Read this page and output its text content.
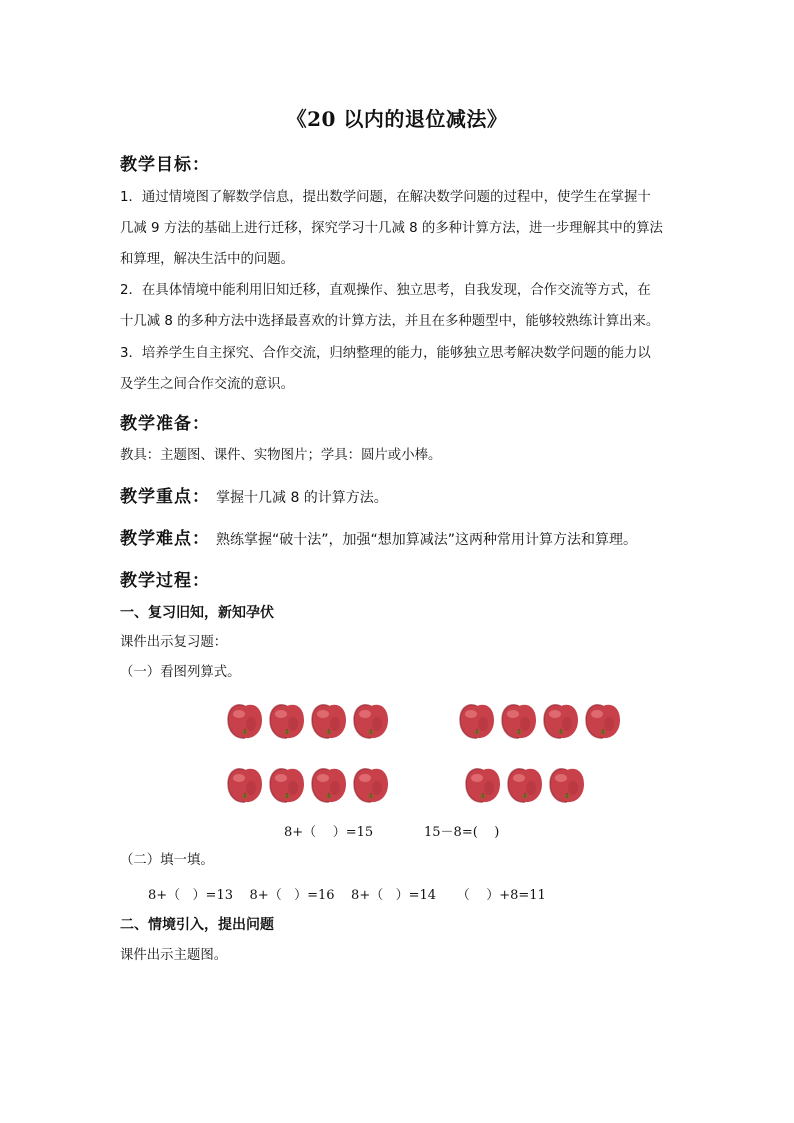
《20 以内的退位减法》
教学目标：
1．通过情境图了解数学信息，提出数学问题，在解决数学问题的过程中，使学生在掌握十
几减 9 方法的基础上进行迁移，探究学习十几减 8 的多种计算方法，进一步理解其中的算法
和算理，解决生活中的问题。
2．在具体情境中能利用旧知迁移，直观操作、独立思考，自我发现，合作交流等方式，在
十几减 8 的多种方法中选择最喜欢的计算方法，并且在多种题型中，能够较熟练计算出来。
3．培养学生自主探究、合作交流，归纳整理的能力，能够独立思考解决数学问题的能力以
及学生之间合作交流的意识。
教学准备：
教具：主题图、课件、实物图片；学具：圆片或小棒。
教学重点： 掌握十几减 8 的计算方法。
教学难点： 熟练掌握“破十法”，加强“想加算减法”这两种常用计算方法和算理。
教学过程：
一、复习旧知，新知孕伏
课件出示复习题：
（一）看图列算式。
8+（    ）=15	15－8=(    )
（二）填一填。
8+（   ）=13    8+（   ）=16    8+（   ）=14     （    ）+8=11
二、情境引入，提出问题
课件出示主题图。
